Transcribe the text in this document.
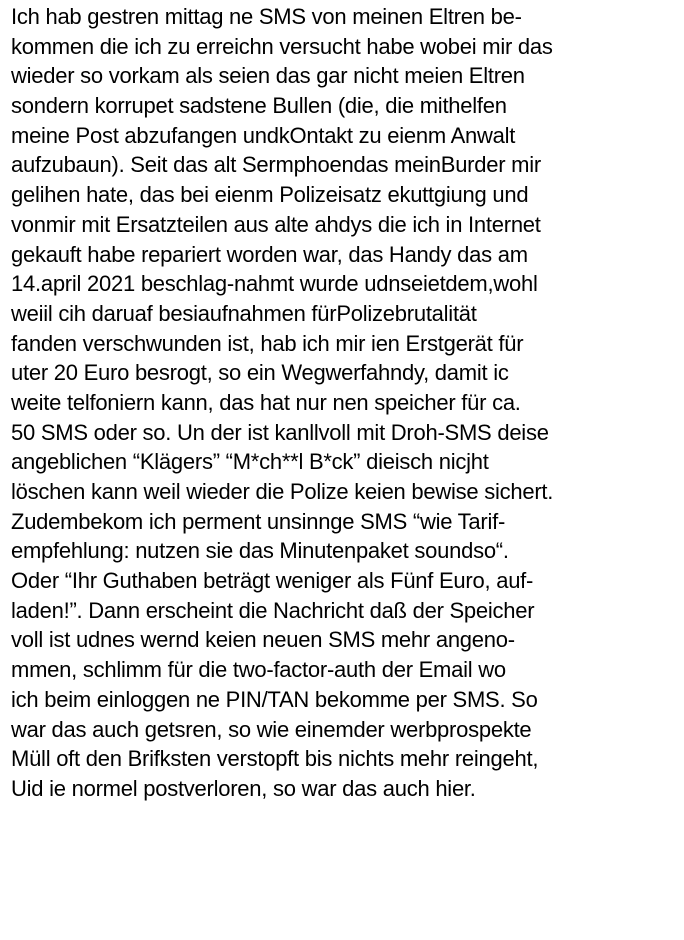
Ich hab gestren mittag ne SMS von meinen Eltren be-
kommen die ich zu erreichn versucht habe wobei mir das
wieder so vorkam als seien das gar nicht meien Eltren
sondern korrupet sadstene Bullen (die, die mithelfen
meine Post abzufangen undkOntakt zu eienm Anwalt
aufzubaun). Seit das alt Sermphoendas meinBurder mir
gelihen hate, das bei eienm Polizeisatz ekuttgiung und
vonmir mit Ersatzteilen aus alte ahdys die ich in Internet
gekauft habe repariert worden war, das Handy das am
14.april 2021 beschlag-nahmt wurde udnseietdem,wohl
weiil cih daruaf besiaufnahmen fürPolizebrutalität
fanden verschwunden ist, hab ich mir ien Erstgerät für
uter 20 Euro besrogt, so ein Wegwerfahndy, damit ic
weite telfoniern kann, das hat nur nen speicher für ca.
50 SMS oder so. Un der ist kanllvoll mit Droh-SMS deise
angeblichen “Klägers” “M*ch**l B*ck” dieisch nicjht
löschen kann weil wieder die Polize keien bewise sichert.
Zudembekom ich perment unsinnge SMS “wie Tarif-
empfehlung: nutzen sie das Minutenpaket soundso“.
Oder “Ihr Guthaben beträgt weniger als Fünf Euro, auf-
laden!”. Dann erscheint die Nachricht daß der Speicher
voll ist udnes wernd keien neuen SMS mehr angeno-
mmen, schlimm für die two-factor-auth der Email wo
ich beim einloggen ne PIN/TAN bekomme per SMS. So
war das auch getsren, so wie einemder werbprospekte
Müll oft den Brifksten verstopft bis nichts mehr reingeht,
Uid ie normel postverloren, so war das auch hier.
